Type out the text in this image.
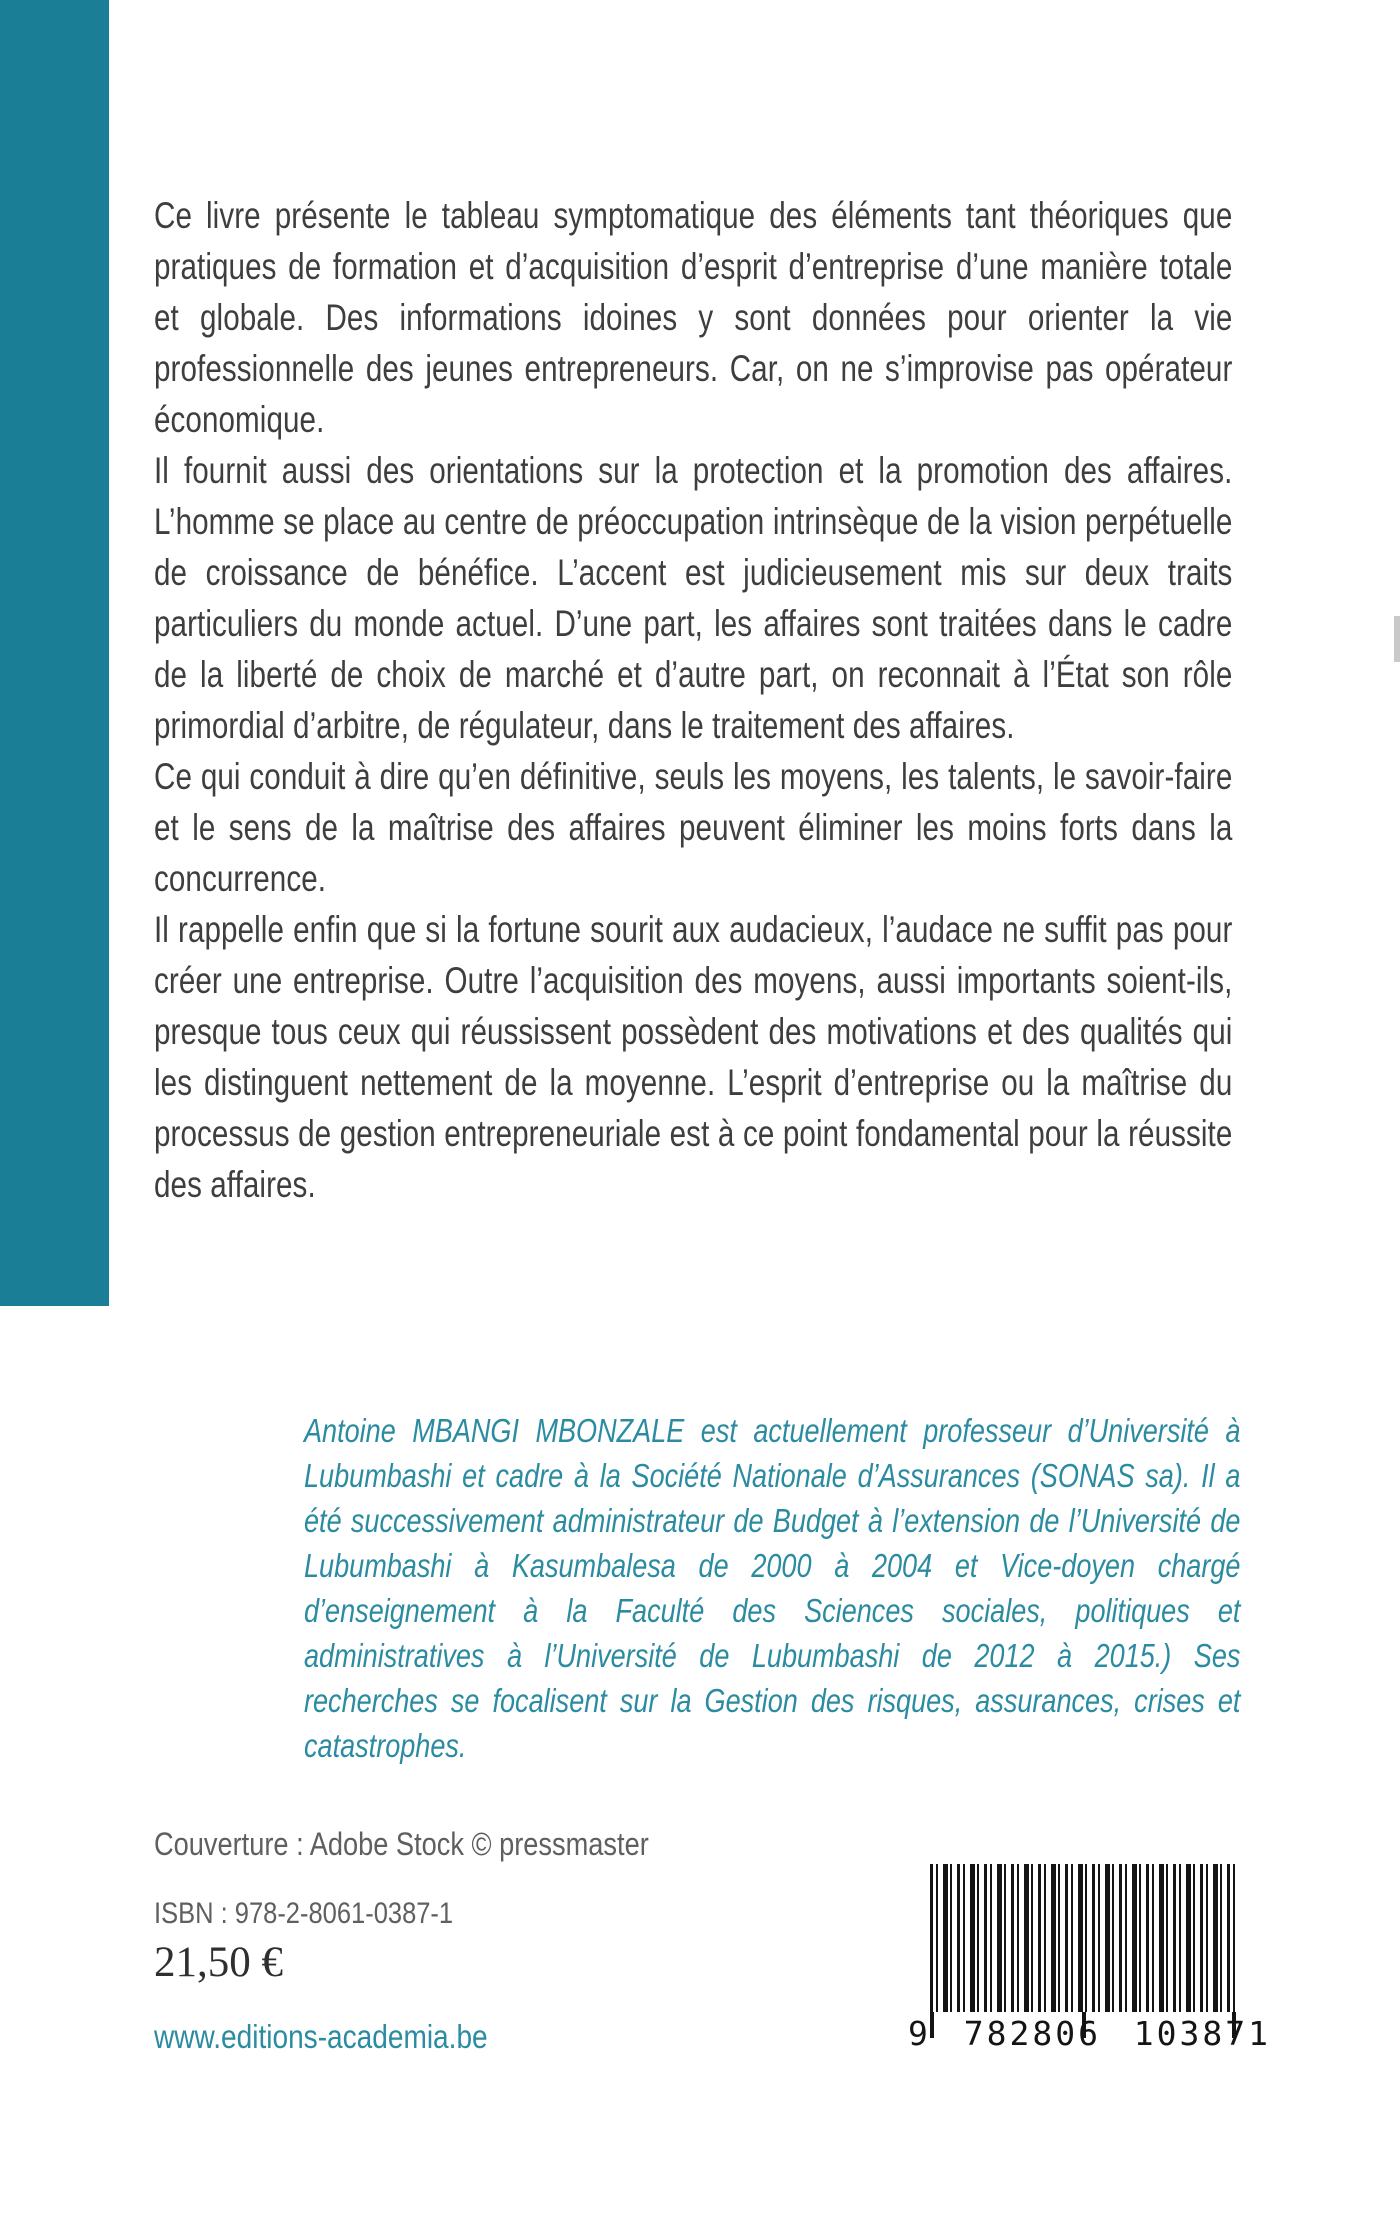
Ce livre présente le tableau symptomatique des éléments tant théoriques que pratiques de formation et d’acquisition d’esprit d’entreprise d’une manière totale et globale. Des informations idoines y sont données pour orienter la vie professionnelle des jeunes entrepreneurs. Car, on ne s’improvise pas opérateur économique.

Il fournit aussi des orientations sur la protection et la promotion des affaires. L’homme se place au centre de préoccupation intrinsèque de la vision perpétuelle de croissance de bénéfice. L’accent est judicieusement mis sur deux traits particuliers du monde actuel. D’une part, les affaires sont traitées dans le cadre de la liberté de choix de marché et d’autre part, on reconnait à l’État son rôle primordial d’arbitre, de régulateur, dans le traitement des affaires.

Ce qui conduit à dire qu’en définitive, seuls les moyens, les talents, le savoir-faire et le sens de la maîtrise des affaires peuvent éliminer les moins forts dans la concurrence.

Il rappelle enfin que si la fortune sourit aux audacieux, l’audace ne suffit pas pour créer une entreprise. Outre l’acquisition des moyens, aussi importants soient-ils, presque tous ceux qui réussissent possèdent des motivations et des qualités qui les distinguent nettement de la moyenne. L’esprit d’entreprise ou la maîtrise du processus de gestion entrepreneuriale est à ce point fondamental pour la réussite des affaires.

Antoine MBANGI MBONZALE est actuellement professeur d’Université à Lubumbashi et cadre à la Société Nationale d’Assurances (SONAS sa). Il a été successivement administrateur de Budget à l’extension de l’Université de Lubumbashi à Kasumbalesa de 2000 à 2004 et Vice-doyen chargé d’enseignement à la Faculté des Sciences sociales, politiques et administratives à l’Université de Lubumbashi de 2012 à 2015.) Ses recherches se focalisent sur la Gestion des risques, assurances, crises et catastrophes.

Couverture : Adobe Stock © pressmaster
ISBN : 978-2-8061-0387-1
21,50 €
www.editions-academia.be	9 782806 103871
